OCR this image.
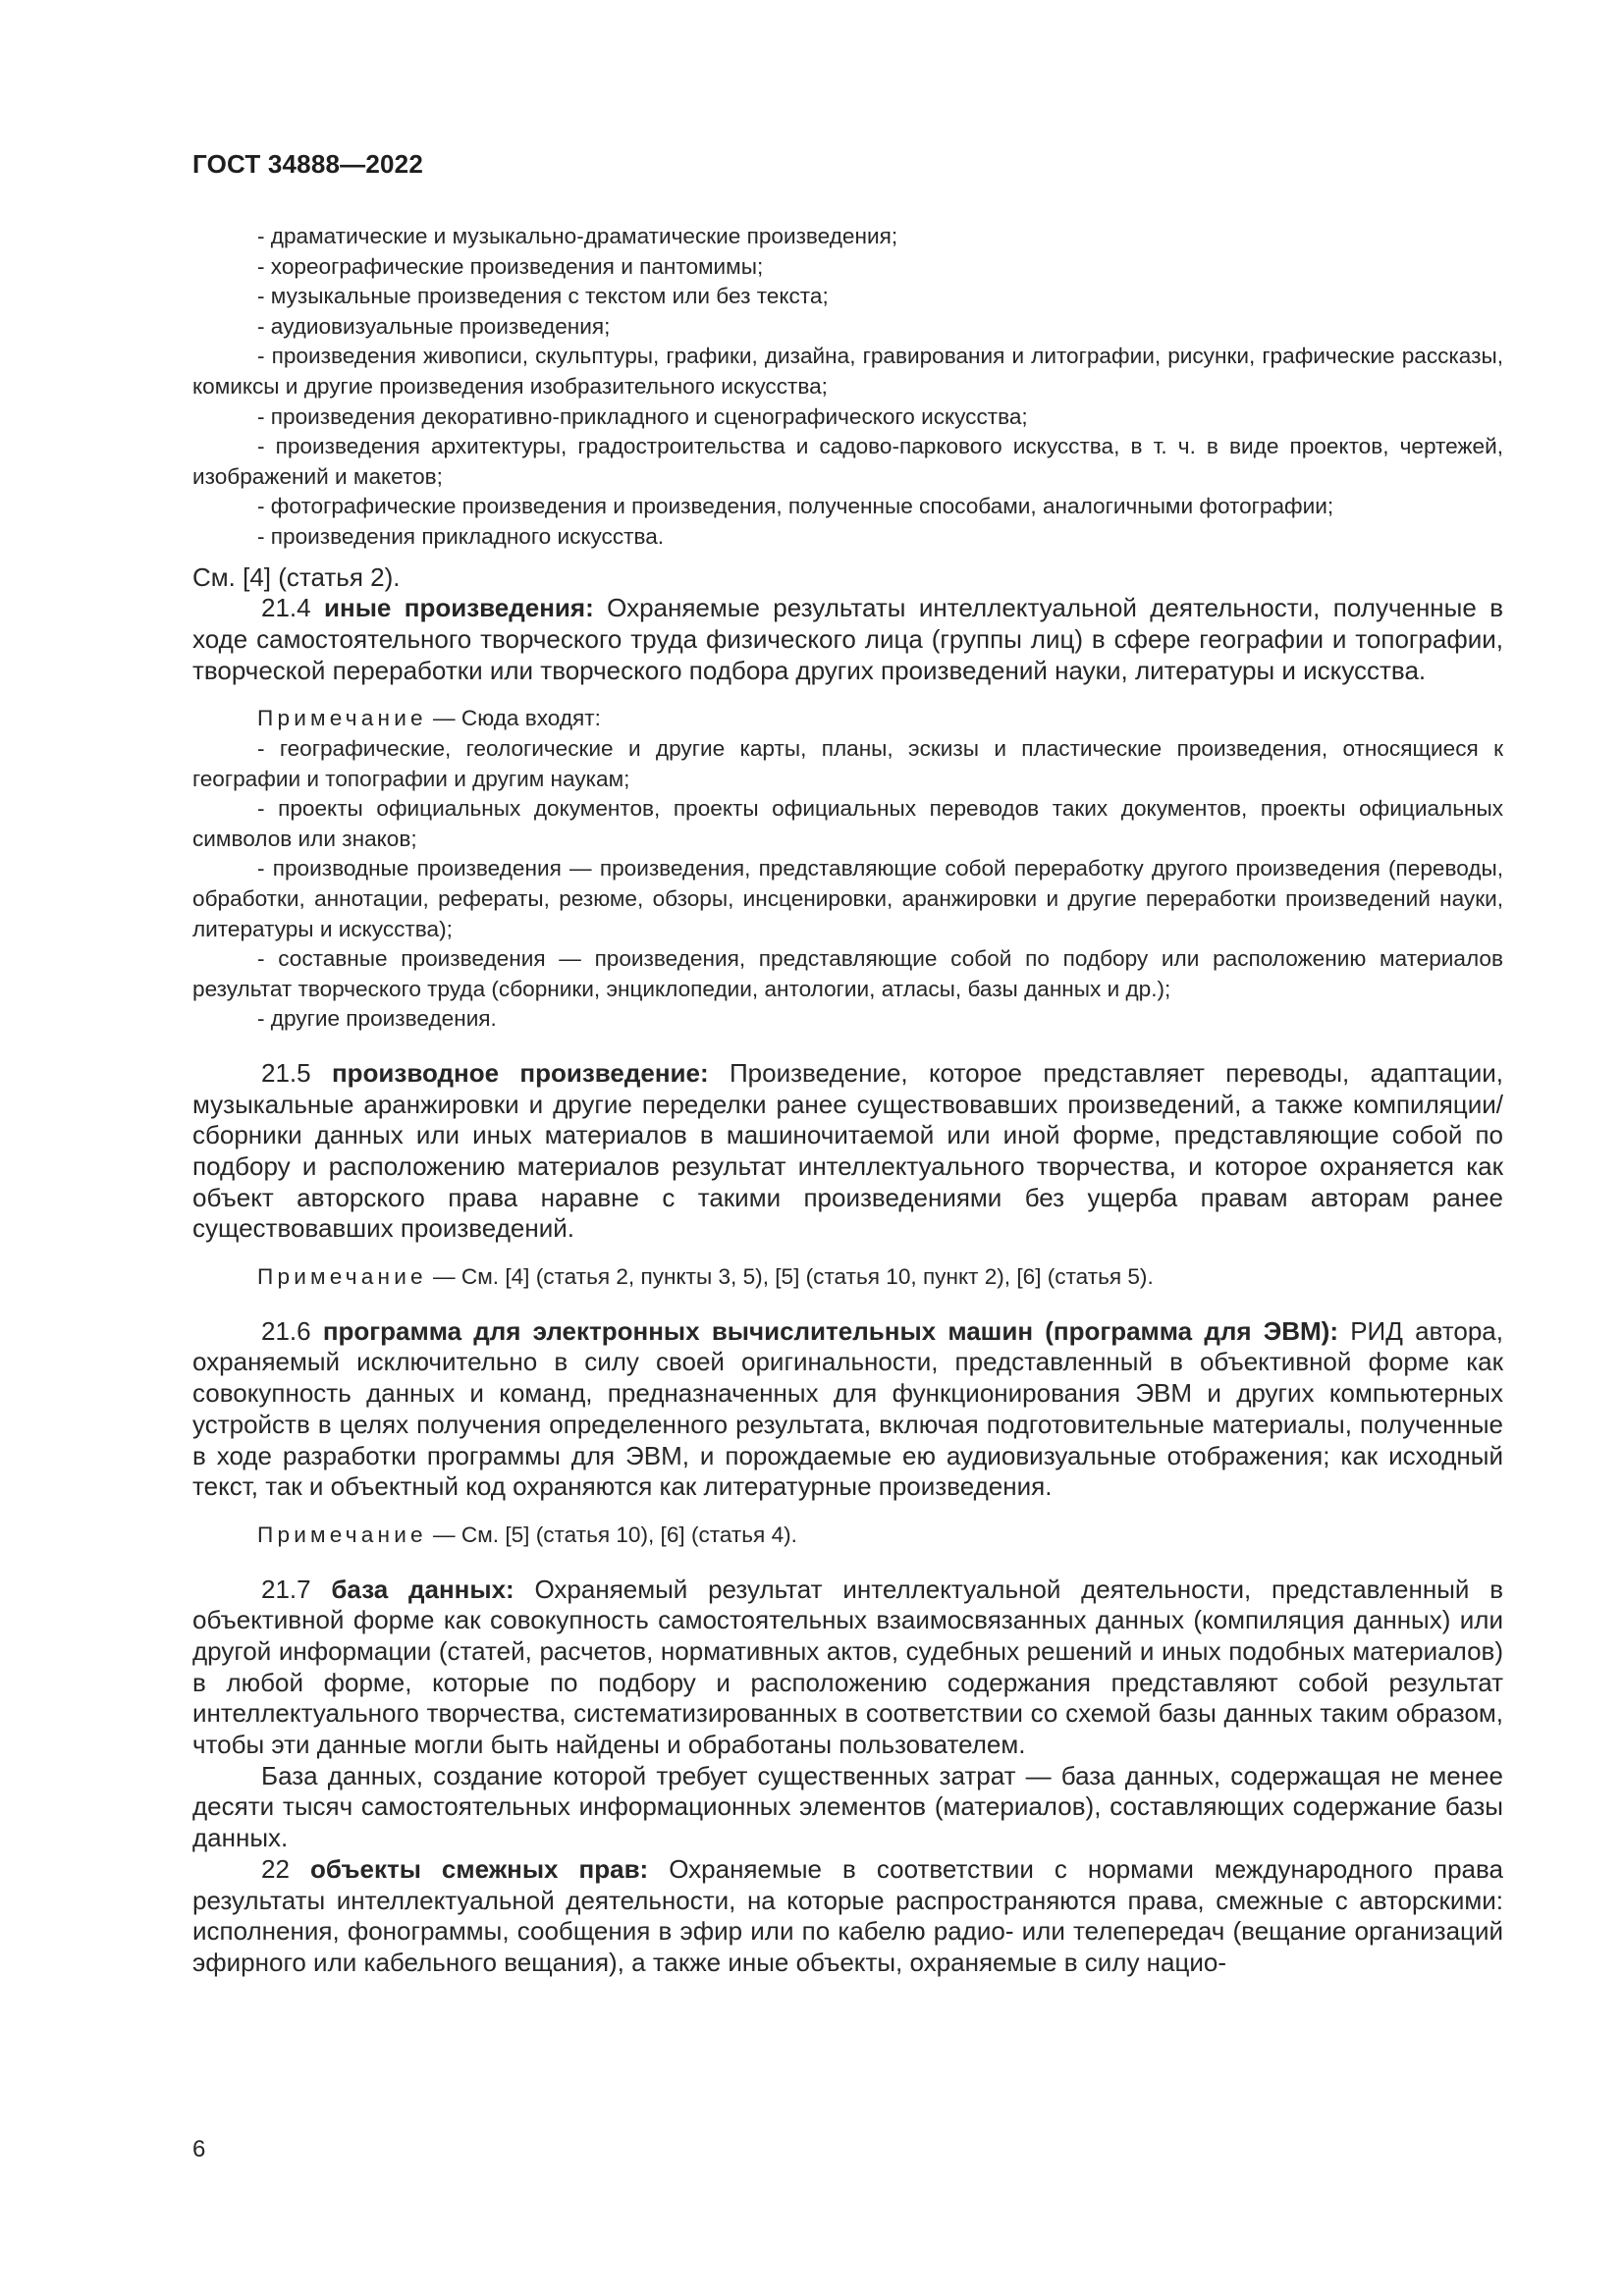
ГОСТ 34888—2022

- драматические и музыкально-драматические произведения;

- хореографические произведения и пантомимы;

- музыкальные произведения с текстом или без текста;

- аудиовизуальные произведения;

- произведения живописи, скульптуры, графики, дизайна, гравирования и литографии, рисунки, графические рассказы, комиксы и другие произведения изобразительного искусства;

- произведения декоративно-прикладного и сценографического искусства;

- произведения архитектуры, градостроительства и садово-паркового искусства, в т. ч. в виде проектов, чертежей, изображений и макетов;

- фотографические произведения и произведения, полученные способами, аналогичными фотографии;

- произведения прикладного искусства.

См. [4] (статья 2).

21.4 иные произведения: Охраняемые результаты интеллектуальной деятельности, полученные в ходе самостоятельного творческого труда физического лица (группы лиц) в сфере географии и топографии, творческой переработки или творческого подбора других произведений науки, литературы и искусства.

Примечание — Сюда входят:

- географические, геологические и другие карты, планы, эскизы и пластические произведения, относящиеся к географии и топографии и другим наукам;

- проекты официальных документов, проекты официальных переводов таких документов, проекты официальных символов или знаков;

- производные произведения — произведения, представляющие собой переработку другого произведения (переводы, обработки, аннотации, рефераты, резюме, обзоры, инсценировки, аранжировки и другие переработки произведений науки, литературы и искусства);

- составные произведения — произведения, представляющие собой по подбору или расположению материалов результат творческого труда (сборники, энциклопедии, антологии, атласы, базы данных и др.);

- другие произведения.

21.5 производное произведение: Произведение, которое представляет переводы, адаптации, музыкальные аранжировки и другие переделки ранее существовавших произведений, а также компиляции/сборники данных или иных материалов в машиночитаемой или иной форме, представляющие собой по подбору и расположению материалов результат интеллектуального творчества, и которое охраняется как объект авторского права наравне с такими произведениями без ущерба правам авторам ранее существовавших произведений.

Примечание — См. [4] (статья 2, пункты 3, 5), [5] (статья 10, пункт 2), [6] (статья 5).

21.6 программа для электронных вычислительных машин (программа для ЭВМ): РИД автора, охраняемый исключительно в силу своей оригинальности, представленный в объективной форме как совокупность данных и команд, предназначенных для функционирования ЭВМ и других компьютерных устройств в целях получения определенного результата, включая подготовительные материалы, полученные в ходе разработки программы для ЭВМ, и порождаемые ею аудиовизуальные отображения; как исходный текст, так и объектный код охраняются как литературные произведения.

Примечание — См. [5] (статья 10), [6] (статья 4).

21.7 база данных: Охраняемый результат интеллектуальной деятельности, представленный в объективной форме как совокупность самостоятельных взаимосвязанных данных (компиляция данных) или другой информации (статей, расчетов, нормативных актов, судебных решений и иных подобных материалов) в любой форме, которые по подбору и расположению содержания представляют собой результат интеллектуального творчества, систематизированных в соответствии со схемой базы данных таким образом, чтобы эти данные могли быть найдены и обработаны пользователем.

База данных, создание которой требует существенных затрат — база данных, содержащая не менее десяти тысяч самостоятельных информационных элементов (материалов), составляющих содержание базы данных.

22 объекты смежных прав: Охраняемые в соответствии с нормами международного права результаты интеллектуальной деятельности, на которые распространяются права, смежные с авторскими: исполнения, фонограммы, сообщения в эфир или по кабелю радио- или телепередач (вещание организаций эфирного или кабельного вещания), а также иные объекты, охраняемые в силу нацио-

6
